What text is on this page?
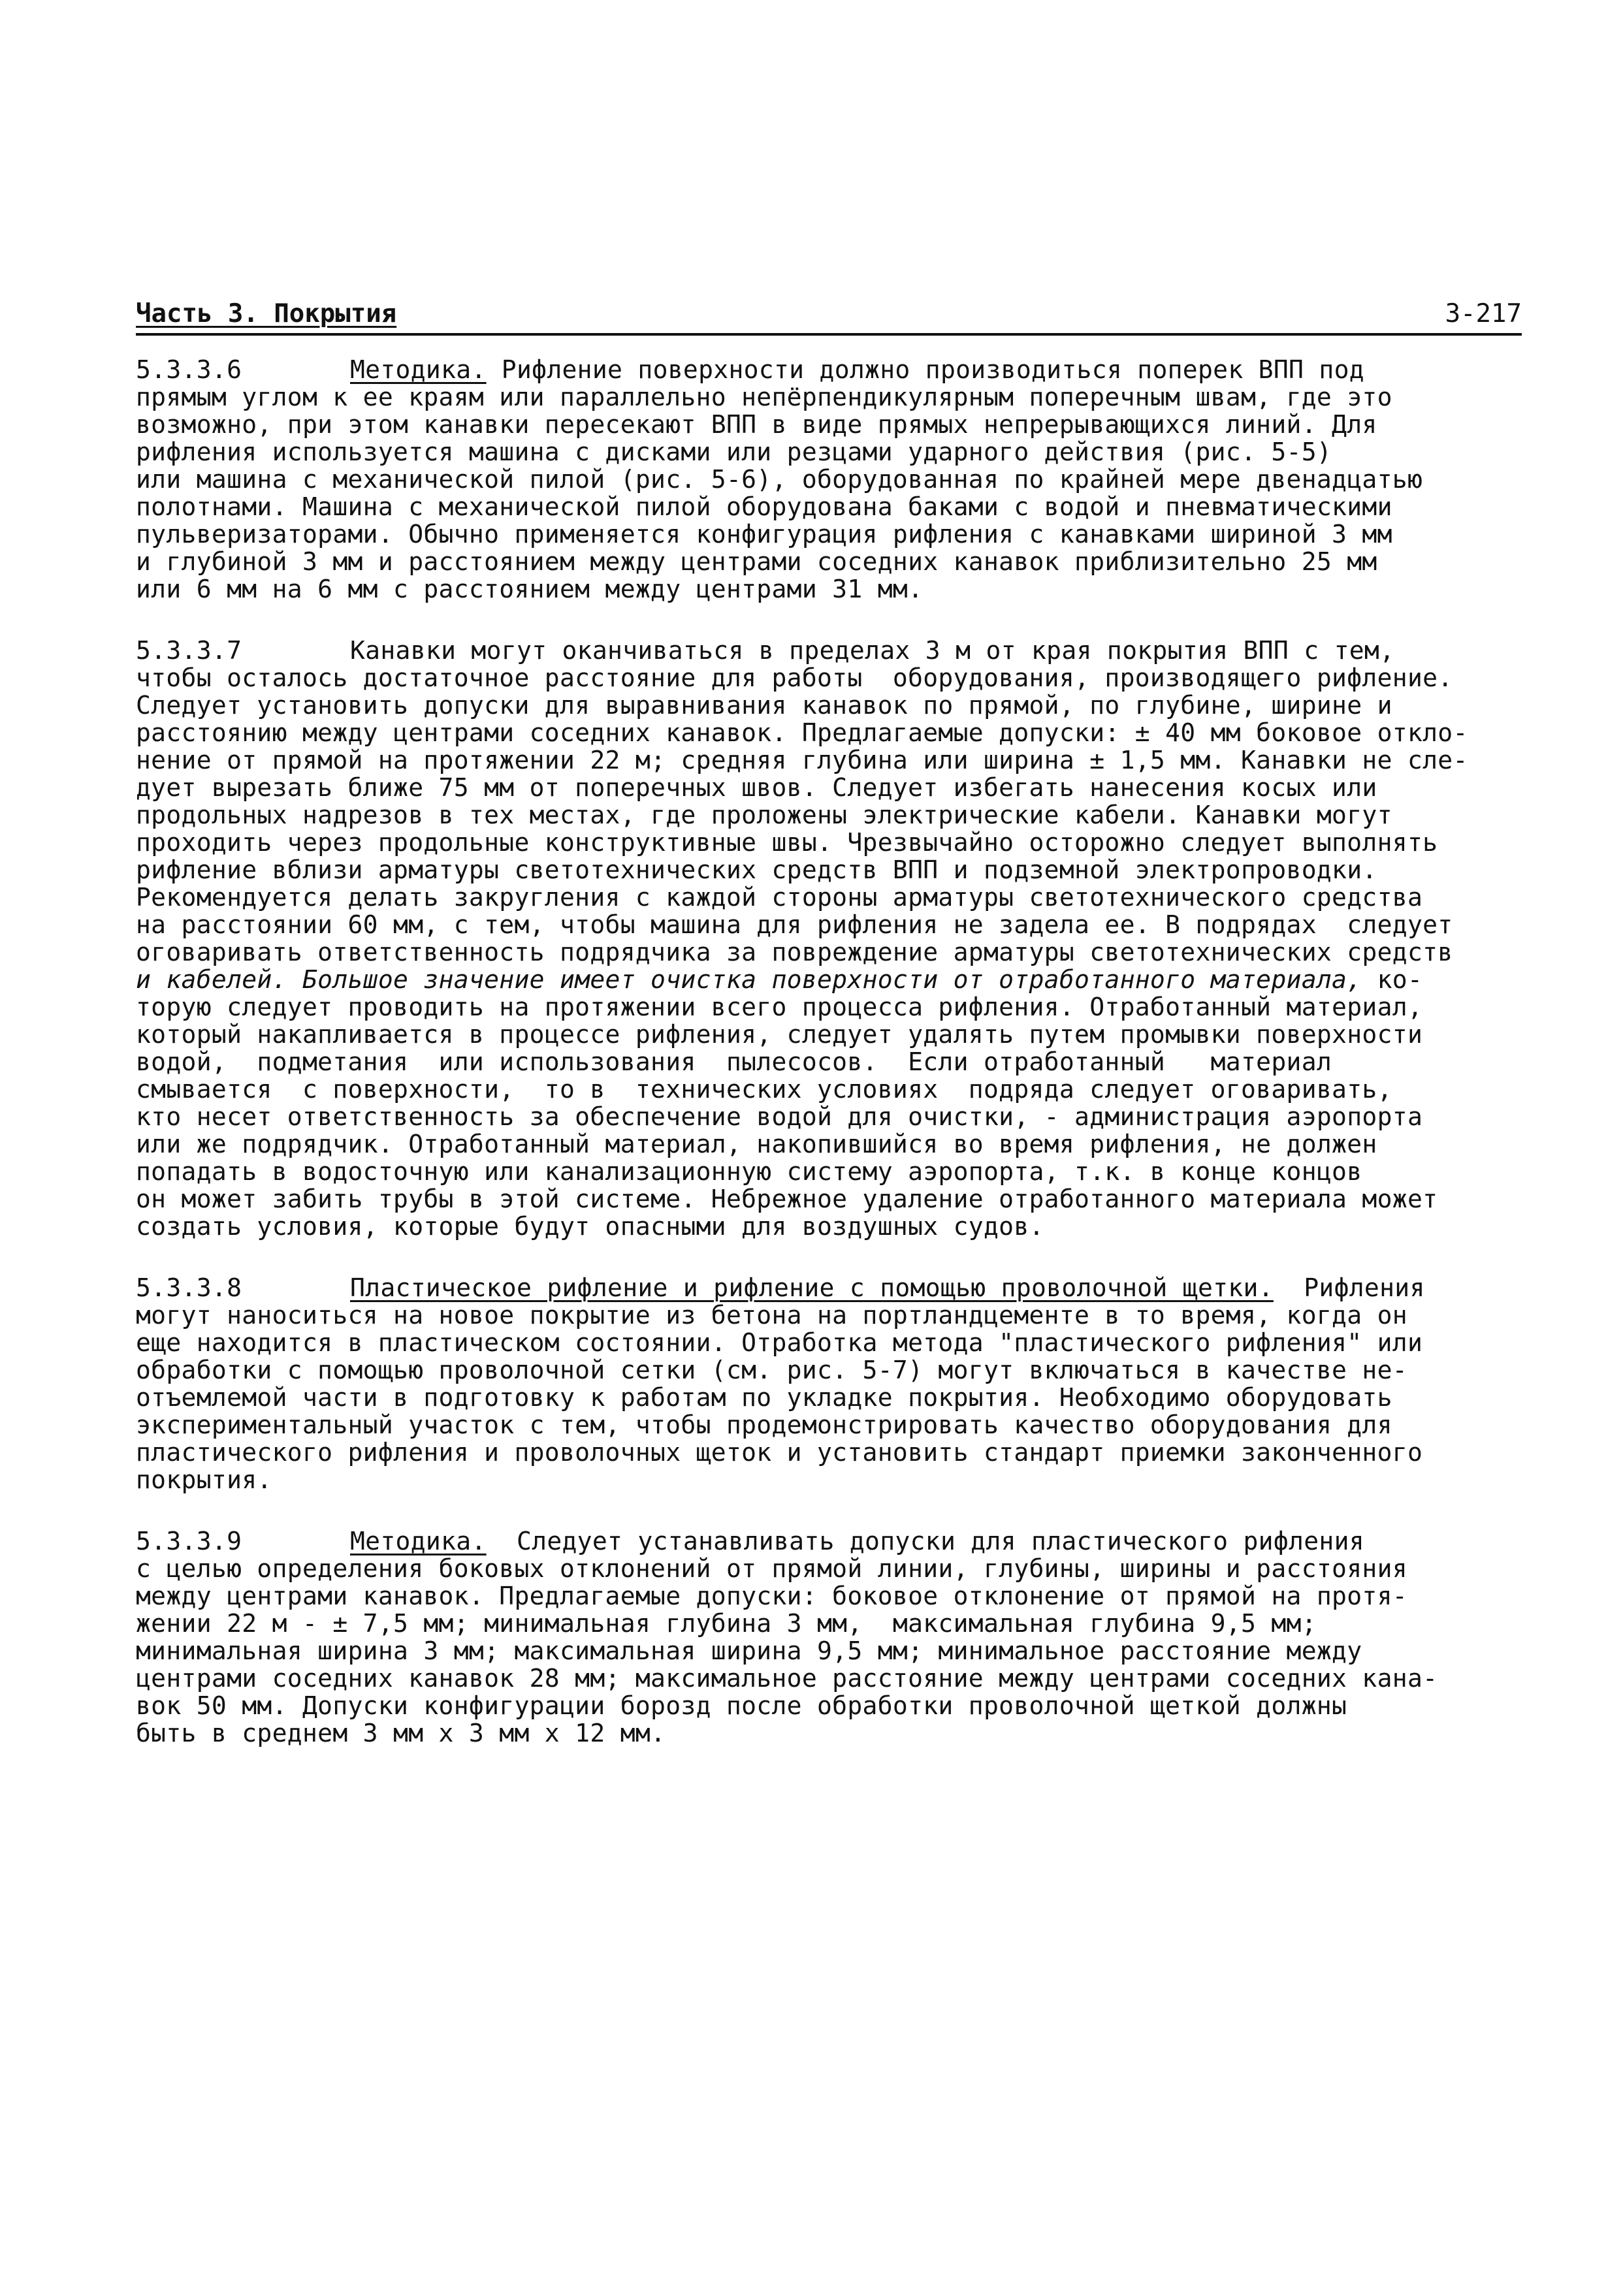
Часть 3. Покрытия	3-217
5.3.3.6	Методика. Рифление поверхности должно производиться поперек ВПП под
прямым углом к ее краям или параллельно непёрпендикулярным поперечным швам, где это
возможно, при этом канавки пересекают ВПП в виде прямых непрерывающихся линий. Для
рифления используется машина с дисками или резцами ударного действия (рис. 5-5)
или машина с механической пилой (рис. 5-6), оборудованная по крайней мере двенадцатью
полотнами. Машина с механической пилой оборудована баками с водой и пневматическими
пульверизаторами. Обычно применяется конфигурация рифления с канавками шириной 3 мм
и глубиной 3 мм и расстоянием между центрами соседних канавок приблизительно 25 мм
или 6 мм на 6 мм с расстоянием между центрами 31 мм.
5.3.3.7	Канавки могут оканчиваться в пределах 3 м от края покрытия ВПП с тем,
чтобы осталось достаточное расстояние для работы  оборудования, производящего рифление.
Следует установить допуски для выравнивания канавок по прямой, по глубине, ширине и
расстоянию между центрами соседних канавок. Предлагаемые допуски: ± 40 мм боковое откло-
нение от прямой на протяжении 22 м; средняя глубина или ширина ± 1,5 мм. Канавки не сле-
дует вырезать ближе 75 мм от поперечных швов. Следует избегать нанесения косых или
продольных надрезов в тех местах, где проложены электрические кабели. Канавки могут
проходить через продольные конструктивные швы. Чрезвычайно осторожно следует выполнять
рифление вблизи арматуры светотехнических средств ВПП и подземной электропроводки.
Рекомендуется делать закругления с каждой стороны арматуры светотехнического средства
на расстоянии 60 мм, с тем, чтобы машина для рифления не задела ее. В подрядах  следует
оговаривать ответственность подрядчика за повреждение арматуры светотехнических средств
и кабелей. Большое значение имеет очистка поверхности от отработанного материала, ко-
торую следует проводить на протяжении всего процесса рифления. Отработанный материал,
который накапливается в процессе рифления, следует удалять путем промывки поверхности
водой,  подметания  или использования  пылесосов.  Если отработанный   материал
смывается  с поверхности,  то в  технических условиях  подряда следует оговаривать,
кто несет ответственность за обеспечение водой для очистки, - администрация аэропорта
или же подрядчик. Отработанный материал, накопившийся во время рифления, не должен
попадать в водосточную или канализационную систему аэропорта, т.к. в конце концов
он может забить трубы в этой системе. Небрежное удаление отработанного материала может
создать условия, которые будут опасными для воздушных судов.
5.3.3.8	Пластическое рифление и рифление с помощью проволочной щетки.  Рифления
могут наноситься на новое покрытие из бетона на портландцементе в то время, когда он
еще находится в пластическом состоянии. Отработка метода "пластического рифления" или
обработки с помощью проволочной сетки (см. рис. 5-7) могут включаться в качестве не-
отъемлемой части в подготовку к работам по укладке покрытия. Необходимо оборудовать
экспериментальный участок с тем, чтобы продемонстрировать качество оборудования для
пластического рифления и проволочных щеток и установить стандарт приемки законченного
покрытия.
5.3.3.9	Методика.  Следует устанавливать допуски для пластического рифления
с целью определения боковых отклонений от прямой линии, глубины, ширины и расстояния
между центрами канавок. Предлагаемые допуски: боковое отклонение от прямой на протя-
жении 22 м - ± 7,5 мм; минимальная глубина 3 мм,  максимальная глубина 9,5 мм;
минимальная ширина 3 мм; максимальная ширина 9,5 мм; минимальное расстояние между
центрами соседних канавок 28 мм; максимальное расстояние между центрами соседних кана-
вок 50 мм. Допуски конфигурации борозд после обработки проволочной щеткой должны
быть в среднем 3 мм х 3 мм х 12 мм.
